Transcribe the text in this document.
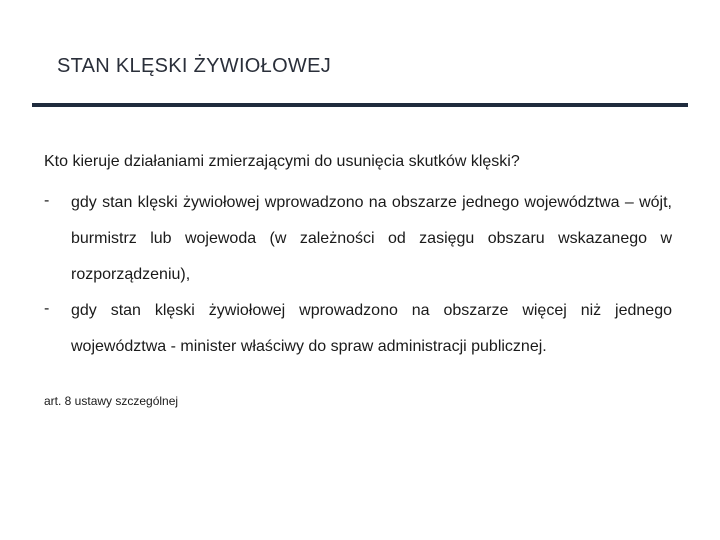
STAN KLĘSKI ŻYWIOŁOWEJ
Kto kieruje działaniami zmierzającymi do usunięcia skutków klęski?
- gdy stan klęski żywiołowej wprowadzono na obszarze jednego województwa – wójt, burmistrz lub wojewoda (w zależności od zasięgu obszaru wskazanego w rozporządzeniu),
- gdy stan klęski żywiołowej wprowadzono na obszarze więcej niż jednego województwa - minister właściwy do spraw administracji publicznej.
art. 8 ustawy szczególnej
